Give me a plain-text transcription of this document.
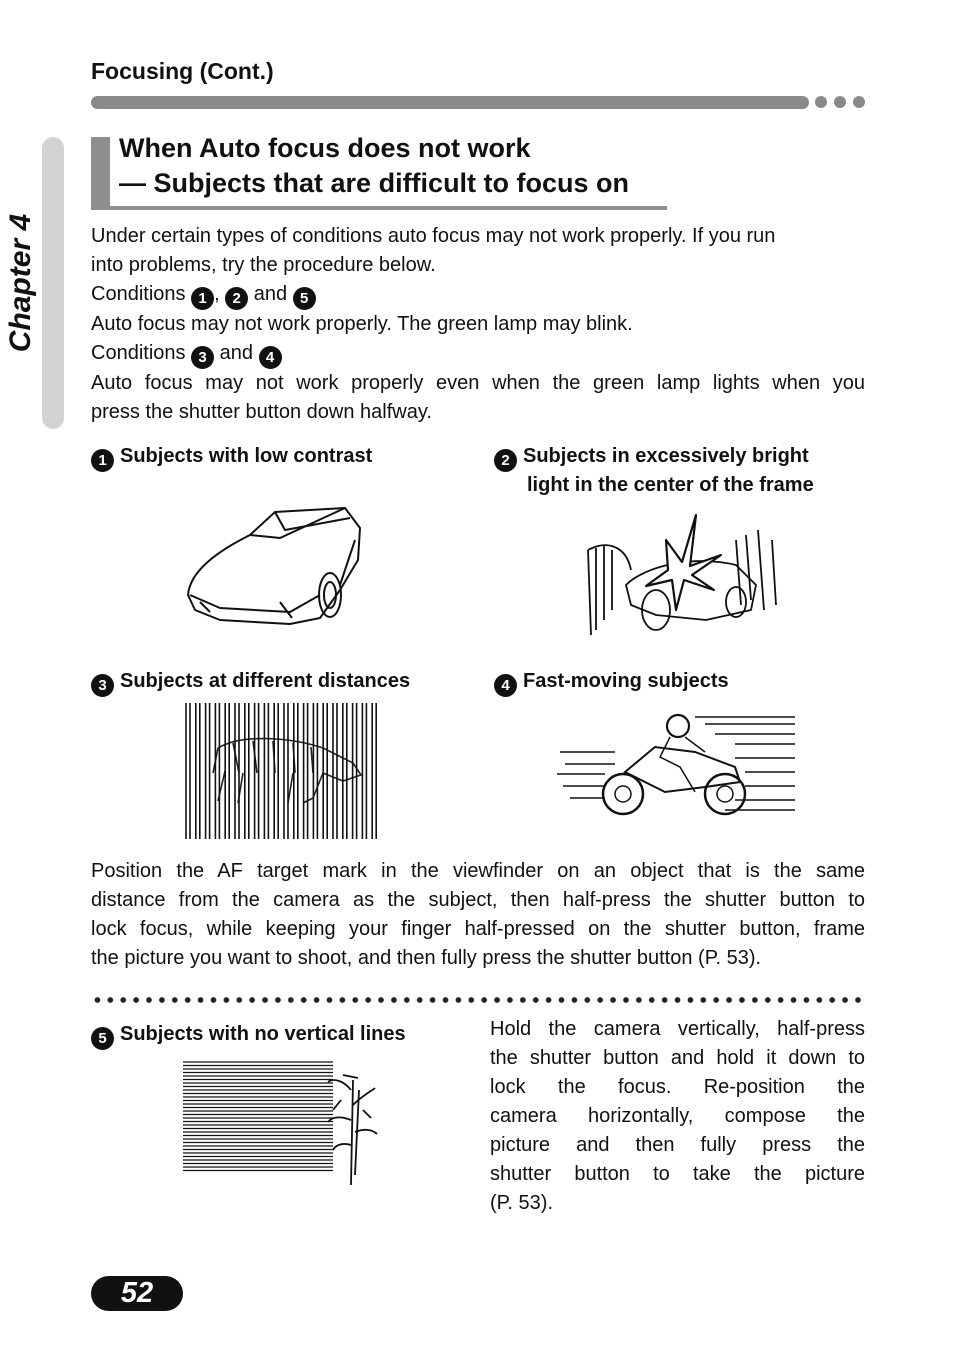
Focusing (Cont.)
Chapter 4
When Auto focus does not work
— Subjects that are difficult to focus on
Under certain types of conditions auto focus may not work properly. If you run
into problems, try the procedure below.
Conditions 1 , 2 and 5
Auto focus may not work properly. The green lamp may blink.
Conditions 3 and 4
Auto focus may not work properly even when the green lamp lights when you
press the shutter button down halfway.
1 Subjects with low contrast	2 Subjects in excessively bright
light in the center of the frame
3 Subjects at different distances	4 Fast-moving subjects
Position the AF target mark in the viewfinder on an object that is the same
distance from the camera as the subject, then half-press the shutter button to
lock focus, while keeping your finger half-pressed on the shutter button, frame
the picture you want to shoot, and then fully press the shutter button (P. 53).
5 Subjects with no vertical lines	Hold the camera vertically, half-press
the shutter button and hold it down to
lock the focus. Re-position the
camera horizontally, compose the
picture and then fully press the
shutter button to take the picture
(P. 53).
52
